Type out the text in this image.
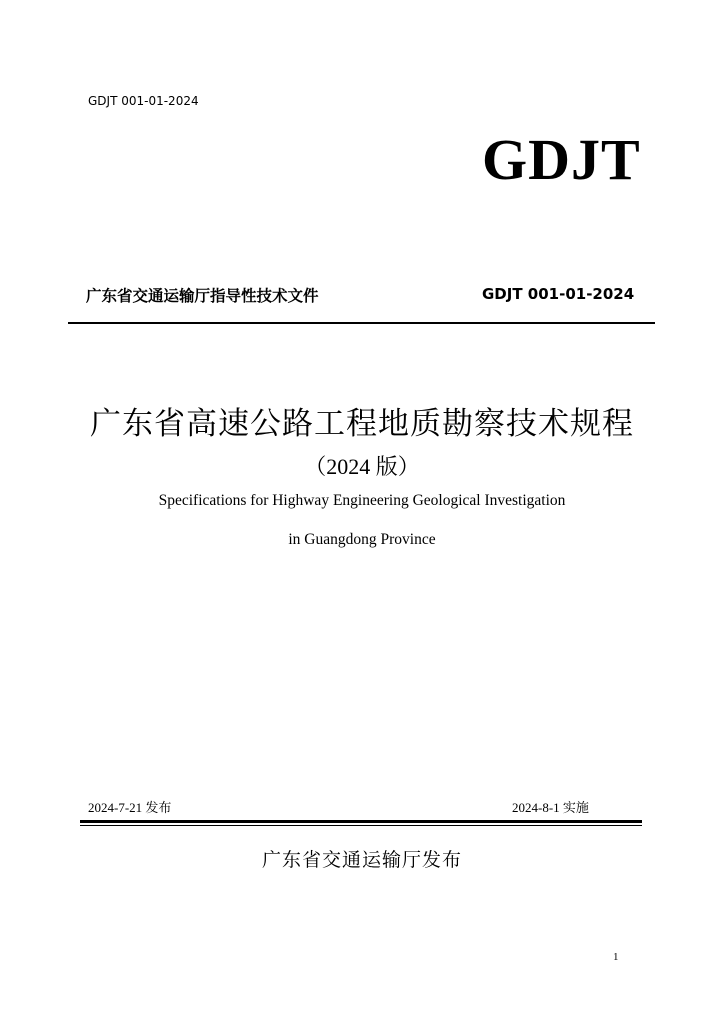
GDJT 001-01-2024
GDJT
广东省交通运输厅指导性技术文件	GDJT 001-01-2024
广东省高速公路工程地质勘察技术规程
（2024 版）
Specifications for Highway Engineering Geological Investigation
in Guangdong Province
2024-7-21 发布	2024-8-1 实施
广东省交通运输厅发布
1
